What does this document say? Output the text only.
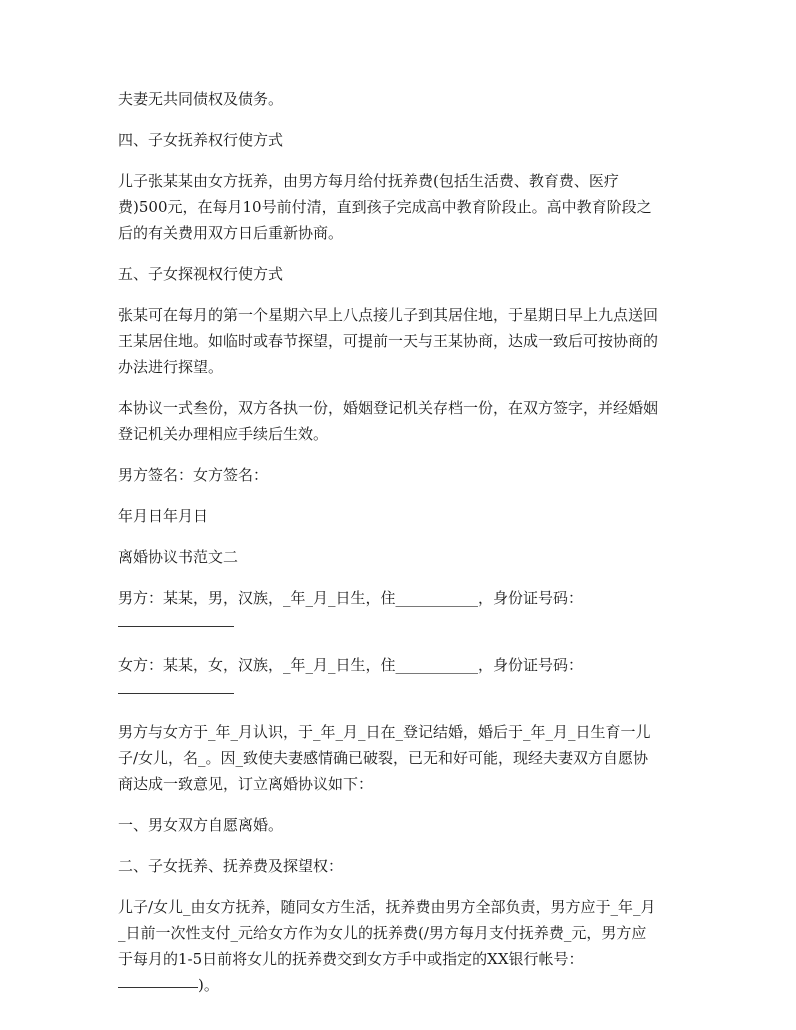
夫妻无共同债权及债务。

四、子女抚养权行使方式

儿子张某某由女方抚养，由男方每月给付抚养费(包括生活费、教育费、医疗
费)500元，在每月10号前付清，直到孩子完成高中教育阶段止。高中教育阶段之
后的有关费用双方日后重新协商。

五、子女探视权行使方式

张某可在每月的第一个星期六早上八点接儿子到其居住地，于星期日早上九点送回
王某居住地。如临时或春节探望，可提前一天与王某协商，达成一致后可按协商的
办法进行探望。

本协议一式叁份，双方各执一份，婚姻登记机关存档一份，在双方签字，并经婚姻
登记机关办理相应手续后生效。

男方签名：女方签名：

年月日年月日

离婚协议书范文二

男方：某某，男，汉族，_年_月_日生，住___________，身份证号码：

女方：某某，女，汉族，_年_月_日生，住___________，身份证号码：

男方与女方于_年_月认识，于_年_月_日在_登记结婚，婚后于_年_月_日生育一儿
子/女儿，名_。因_致使夫妻感情确已破裂，已无和好可能，现经夫妻双方自愿协
商达成一致意见，订立离婚协议如下：

一、男女双方自愿离婚。

二、子女抚养、抚养费及探望权：

儿子/女儿_由女方抚养，随同女方生活，抚养费由男方全部负责，男方应于_年_月
_日前一次性支付_元给女方作为女儿的抚养费(/男方每月支付抚养费_元，男方应
于每月的1-5日前将女儿的抚养费交到女方手中或指定的XX银行帐号：
)。
